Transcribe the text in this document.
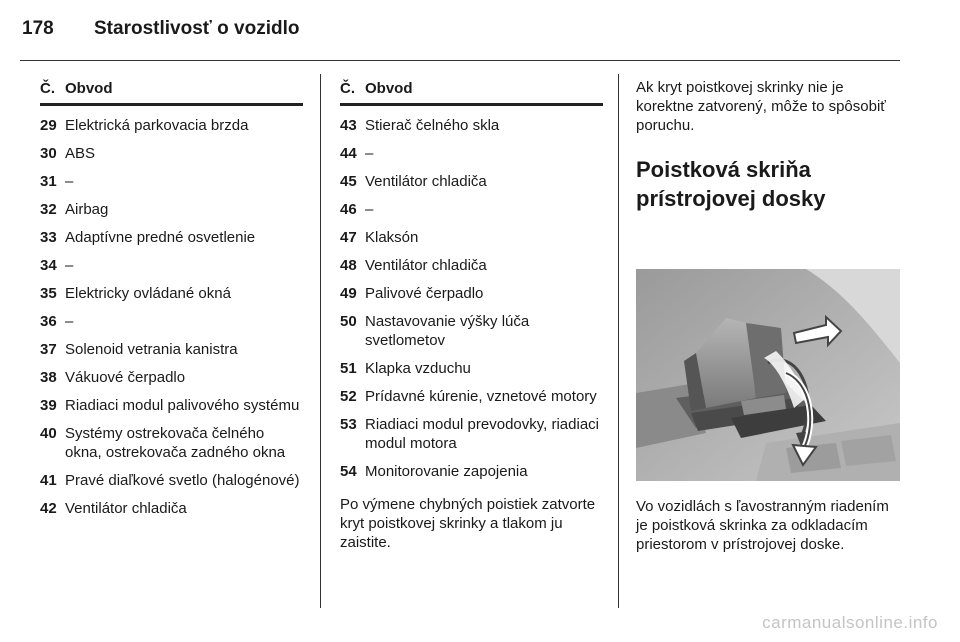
178 Starostlivosť o vozidlo
Č. Obvod
29 Elektrická parkovacia brzda
30 ABS
31 –
32 Airbag
33 Adaptívne predné osvetlenie
34 –
35 Elektricky ovládané okná
36 –
37 Solenoid vetrania kanistra
38 Vákuové čerpadlo
39 Riadiaci modul palivového systému
40 Systémy ostrekovača čelného okna, ostrekovača zadného okna
41 Pravé diaľkové svetlo (halogénové)
42 Ventilátor chladiča
Č. Obvod
43 Stierač čelného skla
44 –
45 Ventilátor chladiča
46 –
47 Klaksón
48 Ventilátor chladiča
49 Palivové čerpadlo
50 Nastavovanie výšky lúča svetlometov
51 Klapka vzduchu
52 Prídavné kúrenie, vznetové motory
53 Riadiaci modul prevodovky, riadiaci modul motora
54 Monitorovanie zapojenia
Po výmene chybných poistiek zatvorte kryt poistkovej skrinky a tlakom ju zaistite.
Ak kryt poistkovej skrinky nie je korektne zatvorený, môže to spôsobiť poruchu.
Poistková skriňa
prístrojovej dosky
Vo vozidlách s ľavostranným riadením je poistková skrinka za odkladacím priestorom v prístrojovej doske.
carmanualsonline.info
